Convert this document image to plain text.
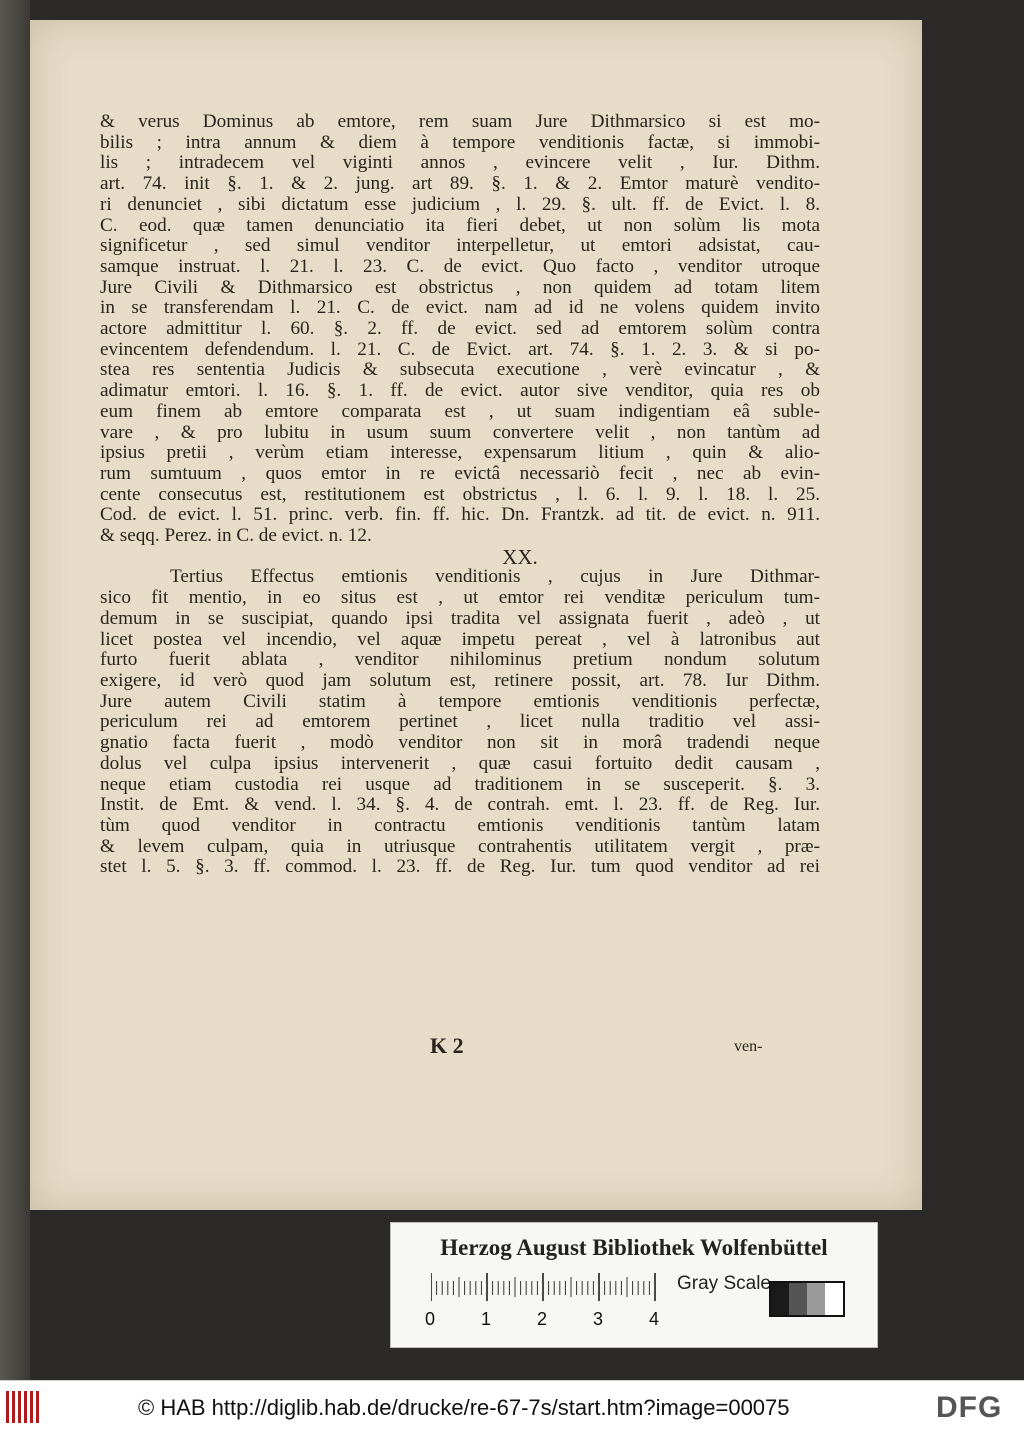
& verus Dominus ab emtore, rem suam Jure Dithmarsico si est mo-
bilis ; intra annum & diem à tempore venditionis factæ, si immobi-
lis ; intradecem vel viginti annos , evincere velit , Iur. Dithm.
art. 74. init §. 1. & 2. jung. art 89. §. 1. & 2. Emtor maturè vendito-
ri denunciet , sibi dictatum esse judicium , l. 29. §. ult. ff. de Evict. l. 8.
C. eod. quæ tamen denunciatio ita fieri debet, ut non solùm lis mota
significetur , sed simul venditor interpelletur, ut emtori adsistat, cau-
samque instruat. l. 21. l. 23. C. de evict. Quo facto , venditor utroque
Jure Civili & Dithmarsico est obstrictus , non quidem ad totam litem
in se transferendam l. 21. C. de evict. nam ad id ne volens quidem invito
actore admittitur l. 60. §. 2. ff. de evict. sed ad emtorem solùm contra
evincentem defendendum. l. 21. C. de Evict. art. 74. §. 1. 2. 3. & si po-
stea res sententia Judicis & subsecuta executione , verè evincatur , &
adimatur emtori. l. 16. §. 1. ff. de evict. autor sive venditor, quia res ob
eum finem ab emtore comparata est , ut suam indigentiam eâ suble-
vare , & pro lubitu in usum suum convertere velit , non tantùm ad
ipsius pretii , verùm etiam interesse, expensarum litium , quin & alio-
rum sumtuum , quos emtor in re evictâ necessariò fecit , nec ab evin-
cente consecutus est, restitutionem est obstrictus , l. 6. l. 9. l. 18. l. 25.
Cod. de evict. l. 51. princ. verb. fin. ff. hic. Dn. Frantzk. ad tit. de evict. n. 911.
& seqq. Perez. in C. de evict. n. 12.
XX.
Tertius Effectus emtionis venditionis , cujus in Jure Dithmar-
sico fit mentio, in eo situs est , ut emtor rei venditæ periculum tum-
demum in se suscipiat, quando ipsi tradita vel assignata fuerit , adeò , ut
licet postea vel incendio, vel aquæ impetu pereat , vel à latronibus aut
furto fuerit ablata , venditor nihilominus pretium nondum solutum
exigere, id verò quod jam solutum est, retinere possit, art. 78. Iur Dithm.
Jure autem Civili statim à tempore emtionis venditionis perfectæ,
periculum rei ad emtorem pertinet , licet nulla traditio vel assi-
gnatio facta fuerit , modò venditor non sit in morâ tradendi neque
dolus vel culpa ipsius intervenerit , quæ casui fortuito dedit causam ,
neque etiam custodia rei usque ad traditionem in se susceperit. §. 3.
Instit. de Emt. & vend. l. 34. §. 4. de contrah. emt. l. 23. ff. de Reg. Iur.
tùm quod venditor in contractu emtionis venditionis tantùm latam
& levem culpam, quia in utriusque contrahentis utilitatem vergit , præ-
stet l. 5. §. 3. ff. commod. l. 23. ff. de Reg. Iur. tum quod venditor ad rei
K 2	ven-
Herzog August Bibliothek Wolfenbüttel
0	1	2	3	4
Gray Scale
© HAB http://diglib.hab.de/drucke/re-67-7s/start.htm?image=00075	DFG
